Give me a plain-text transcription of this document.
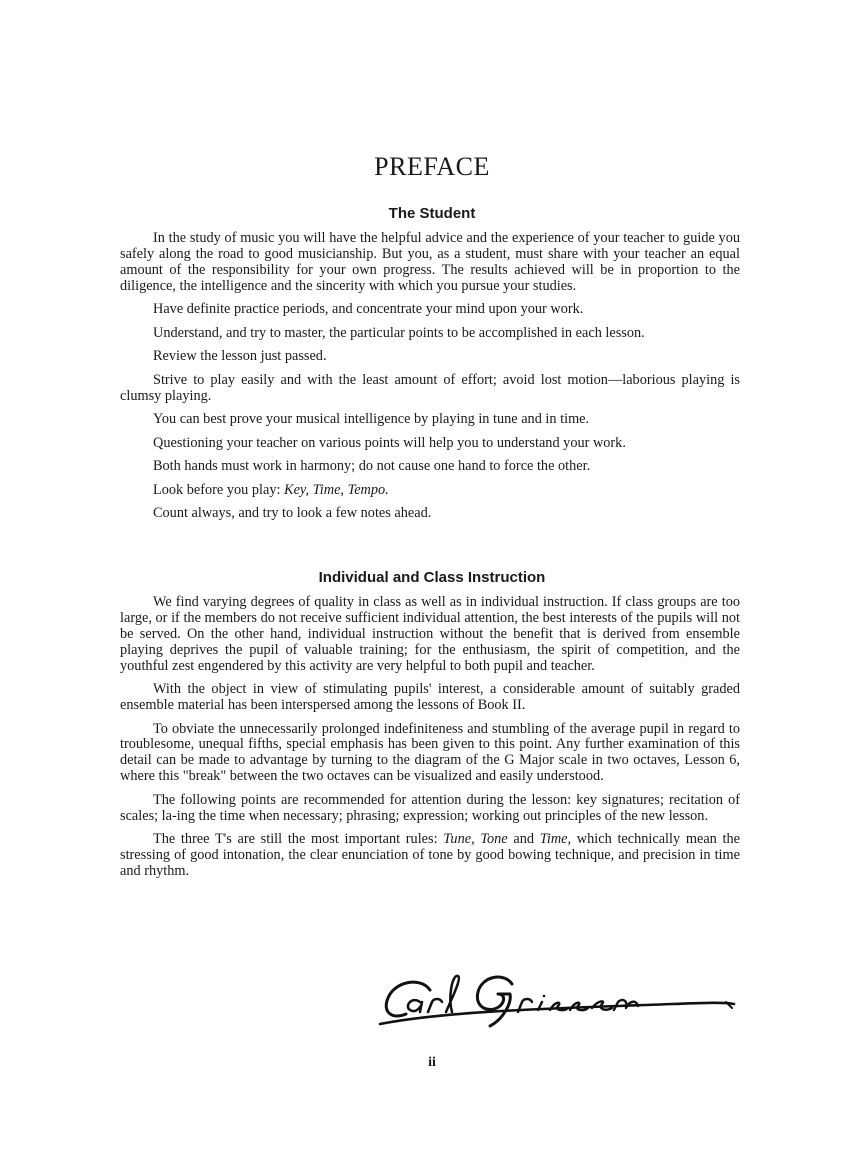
PREFACE
The Student

In the study of music you will have the helpful advice and the experience of your teacher to guide you safely along the road to good musicianship. But you, as a student, must share with your teacher an equal amount of the responsibility for your own progress. The results achieved will be in proportion to the diligence, the intelligence and the sincerity with which you pursue your studies.

Have definite practice periods, and concentrate your mind upon your work.

Understand, and try to master, the particular points to be accomplished in each lesson.

Review the lesson just passed.

Strive to play easily and with the least amount of effort; avoid lost motion—laborious playing is clumsy playing.

You can best prove your musical intelligence by playing in tune and in time.

Questioning your teacher on various points will help you to understand your work.

Both hands must work in harmony; do not cause one hand to force the other.

Look before you play: Key, Time, Tempo.

Count always, and try to look a few notes ahead.

Individual and Class Instruction

We find varying degrees of quality in class as well as in individual instruction. If class groups are too large, or if the members do not receive sufficient individual attention, the best interests of the pupils will not be served. On the other hand, individual instruction without the benefit that is derived from ensemble playing deprives the pupil of valuable training; for the enthusiasm, the spirit of competition, and the youthful zest engendered by this activity are very helpful to both pupil and teacher.

With the object in view of stimulating pupils' interest, a considerable amount of suitably graded ensemble material has been interspersed among the lessons of Book II.

To obviate the unnecessarily prolonged indefiniteness and stumbling of the average pupil in regard to troublesome, unequal fifths, special emphasis has been given to this point. Any further examination of this detail can be made to advantage by turning to the diagram of the G Major scale in two octaves, Lesson 6, where this "break" between the two octaves can be visualized and easily understood.

The following points are recommended for attention during the lesson: key signatures; recitation of scales; la-ing the time when necessary; phrasing; expression; working out principles of the new lesson.

The three T's are still the most important rules: Tune, Tone and Time, which technically mean the stressing of good intonation, the clear enunciation of tone by good bowing technique, and precision in time and rhythm.

ii
